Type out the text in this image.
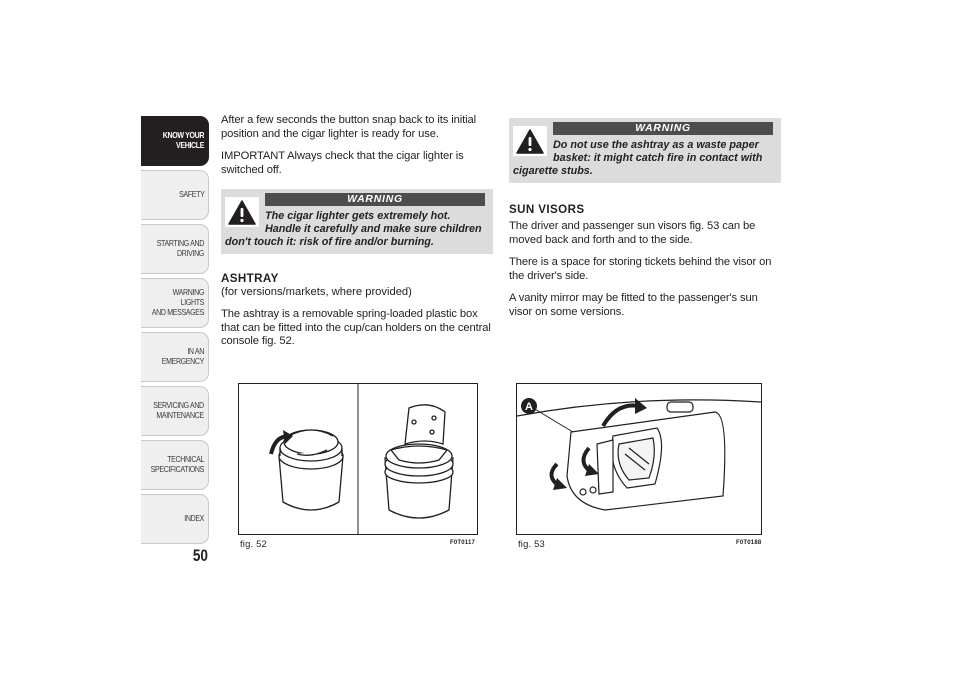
KNOW YOUR
VEHICLE
SAFETY
STARTING AND
DRIVING
WARNING LIGHTS
AND MESSAGES
IN AN EMERGENCY
SERVICING AND
MAINTENANCE
TECHNICAL
SPECIFICATIONS
INDEX
50

After a few seconds the button snap back to its initial position and the cigar lighter is ready for use.

IMPORTANT Always check that the cigar lighter is switched off.

WARNING
The cigar lighter gets extremely hot. Handle it carefully and make sure children don't touch it: risk of fire and/or burning.
ASHTRAY

(for versions/markets, where provided)

The ashtray is a removable spring-loaded plastic box that can be fitted into the cup/can holders on the central console fig. 52.

WARNING
Do not use the ashtray as a waste paper basket: it might catch fire in contact with cigarette stubs.
SUN VISORS

The driver and passenger sun visors fig. 53 can be moved back and forth and to the side.

There is a space for storing tickets behind the visor on the driver's side.

A vanity mirror may be fitted to the passenger's sun visor on some versions.

fig. 52	F0T0117
A
fig. 53	F0T0188
